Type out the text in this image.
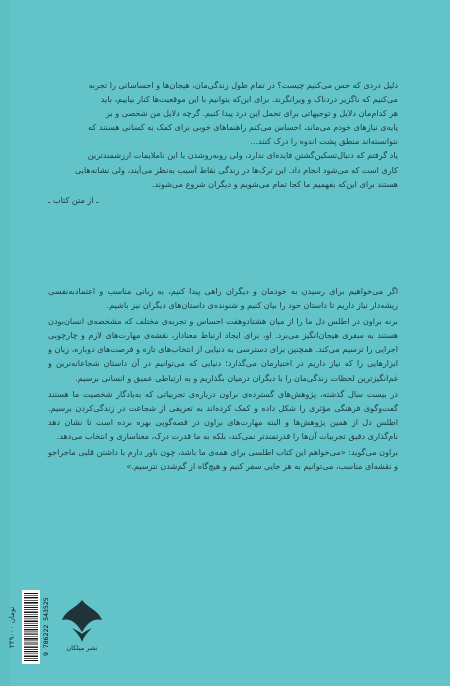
دلیل دردی که حس می‌کنیم چیست؟ در تمام طول زندگی‌مان، هیجان‌ها و احساساتی را تجربه

می‌کنیم که ناگزیر دردناک و ویرانگرند. برای این‌که بتوانیم با این موقعیت‌ها کنار بیاییم، باید

هر کدام‌مان دلایل و توجیهاتی برای تحمل این درد پیدا کنیم. گرچه دلایل من شخصی و بر

پایه‌ی نیازهای خودم می‌ماند، احساس می‌کنم راهنماهای خوبی برای کمک به کسانی هستند که

نتوانسته‌اند منطق پشت اندوه را درک کنند...

یاد گرفتم که دنبال‌تسکین‌گشتن فایده‌ای ندارد، ولی روبه‌روشدن با این ناملایمات ارزشمندترین

کاری است که می‌شود انجام داد. این ترک‌ها در زندگی نقاط آسیب به‌نظر می‌آیند، ولی نشانه‌هایی

هستند برای این‌که بفهمیم ما کجا تمام می‌شویم و دیگران شروع می‌شوند.

ـ از متن کتاب ـ

اگر می‌خواهیم برای رسیدن به خودمان و دیگران راهی پیدا کنیم، به زبانی مناسب و اعتمادبه‌نفسی ریشه‌دار نیاز داریم تا داستان خود را بیان کنیم و شنونده‌ی داستان‌های دیگران نیز باشیم.

برنه براون در اطلس دل ما را از میان هشتادوهفت احساس و تجربه‌ی مختلف که مشخصه‌ی انسان‌بودن هستند به سفری هیجان‌انگیز می‌برد. او، برای ایجاد ارتباط معنادار، نقشه‌ی مهارت‌های لازم و چارچوبی اجرایی را ترسیم می‌کند. همچنین برای دسترسی به دنیایی از انتخاب‌های تازه و فرصت‌های دوباره، زبان و ابزارهایی را که نیاز داریم در اختیارمان می‌گذارد؛ دنیایی که می‌توانیم در آن داستان شجاعانه‌ترین و غم‌انگیزترین لحظات زندگی‌مان را با دیگران درمیان بگذاریم و به ارتباطی عمیق و انسانی برسیم.

در بیست سال گذشته، پژوهش‌های گسترده‌ی براون درباره‌ی تجربیاتی که به‌یادگار شخصیت ما هستند گفت‌وگوی فرهنگی مؤثری را شکل داده و کمک کرده‌اند به تعریفی از شجاعت در زندگی‌کردن برسیم. اطلس دل از همین پژوهش‌ها و البته مهارت‌های براون در قصه‌گویی بهره برده است تا نشان دهد نام‌گذاری دقیق تجربیات آن‌ها را قدرتمندتر نمی‌کند، بلکه به ما قدرت درک، معناسازی و انتخاب می‌دهد.

براون می‌گوید: «می‌خواهم این کتاب اطلسی برای همه‌ی ما باشد، چون باور دارم با داشتن قلبی ماجراجو و نقشه‌ای مناسب، می‌توانیم به هر جایی سفر کنیم و هیچ‌گاه از گم‌شدن نترسیم.»

۲۴۹۰۰۰ تومان	9 786222 543525	نشر میلکان
